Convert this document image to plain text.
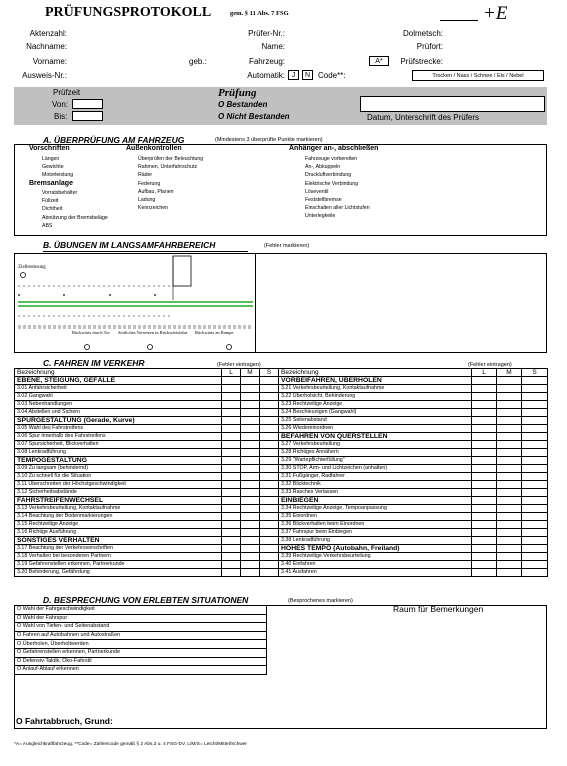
PRÜFUNGSPROTOKOLL	gem. § 11 Abs. 7 FSG	+E
Aktenzahl:
Nachname:
Vorname:
Ausweis-Nr.:
geb.:
Prüfer-Nr.:
Name:
Fahrzeug:
Automatik: J	N Code**:
A*
Dolmetsch:
Prüfort:
Prüfstrecke:
Trocken / Nass / Schnee / Eis / Nebel
Prüfzeit
Von:
Bis:
Prüfung
O Bestanden
O Nicht Bestanden	Datum, Unterschrift des Prüfers
A. ÜBERPRÜFUNG AM FAHRZEUG	(Mindestens 3 überprüfte Punkte markieren)
Vorschriften
Längen
Gewichte
Motorleistung
Bremsanlage
Vorratsbehälter
Füllzeit
Dichtheit
Abnützung der Bremsbeläge
ABS
Außenkontrollen
Überprüfen der Beleuchtung
Rahmen, Unterfahrschutz
Räder
Federung
Aufbau, Planen
Ladung
Kennzeichen
Anhänger an-, abschließen
Fahrzeuge vorbereiten
An-, Abkuppeln
Druckluftverbindung
Elektrische Verbindung
Löseventil
Feststellbremse
Einschalten aller Lichtstufen
Unterlegkeile
B. ÜBUNGEN IM LANGSAMFAHRBEREICH	(Fehler markieren)
Zielbremsung
Rückwärts durch Tor Seitliches Versetzen in Rückwärtsfahrt Rückwärts an Rampe
C. FAHREN IM VERKEHR	(Fehler eintragen)	(Fehler eintragen)
Bezeichnung	L	M	S	Bezeichnung	L	M	S
EBENE, STEIGUNG, GEFÄLLE				VORBEIFAHREN, ÜBERHOLEN			
3.01 Anfahrsicherheit				3.21 Verkehrsbeurteilung, Kontaktaufnahme			
3.02 Gangwahl				3.22 Überholsicht, Behinderung			
3.03 Nebenhandlungen				3.23 Rechtzeitige Anzeige			
3.04 Abstellen und Sichern				3.24 Beschleunigen (Gangwahl)			
SPURGESTALTUNG (Gerade, Kurve)				3.25 Seitenabstand			
3.05 Wahl des Fahrstreifens				3.26 Wiedereinordnen			
3.06 Spur innerhalb des Fahrstreifens				BEFAHREN VON QUERSTELLEN			
3.07 Spursicherheit, Blickverhalten				3.27 Verkehrsbeurteilung			
3.08 Lenkradführung				3.28 Richtiges Annähern			
TEMPOGESTALTUNG				3.29 "Wartepflichterfüllung"			
3.09 Zu langsam (behindernd)				3.30 STOP, Arm- und Lichtzeichen (anhalten)			
3.10 Zu schnell für die Situation				3.31 Fußgänger, Radfahrer			
3.11 Überschreiten der Höchstgeschwindigkeit				3.32 Blicktechnik			
3.12 Sicherheitsabstände				3.33 Rasches Verlassen			
FAHRSTREIFENWECHSEL				EINBIEGEN			
3.13 Verkehrsbeurteilung, Kontaktaufnahme				3.34 Rechtzeitige Anzeige, Tempoanpassung			
3.14 Beachtung der Bodenmarkierungen				3.35 Einordnen			
3.15 Rechtzeitige Anzeige				3.36 Blickverhalten beim Einordnen			
3.16 Richtige Ausführung				3.37 Fahrspur beim Einbiegen			
SONSTIGES VERHALTEN				3.38 Lenkradführung			
3.17 Beachtung der Verkehrsvorschriften				HOHES TEMPO (Autobahn, Freiland)			
3.18 Verhalten bei besonderen Partnern				3.39 Rechtzeitige Verkehrsbeurteilung			
3.19 Gefahrenstellen erkennen, Partnerkunde				3.40 Einfahren			
3.20 Behinderung, Gefährdung				3.41 Ausfahren			
D. BESPRECHUNG VON ERLEBTEN SITUATIONEN	(Besprochenes markieren)
Raum für Bemerkungen
O Wahl der Fahrgeschwindigkeit
O Wahl der Fahrspur
O Wahl von Tiefen- und Seitenabstand
O Fahren auf Autobahnen und Autostraßen
O Überholen, Überholtwerden
O Gefahrenstellen erkennen, Partnerkunde
O Defensiv-Taktik, Öko-Fahrstil
O Anlauf-Ablauf erkennen
O Fahrtabbruch, Grund:
*A= Ausgleichkraftfahrzeug, **Code= Zahlencode gemäß § 2 Abs.3 u. 4 FSG-DV, L/M/S= Leicht/Mittel/Schwer
